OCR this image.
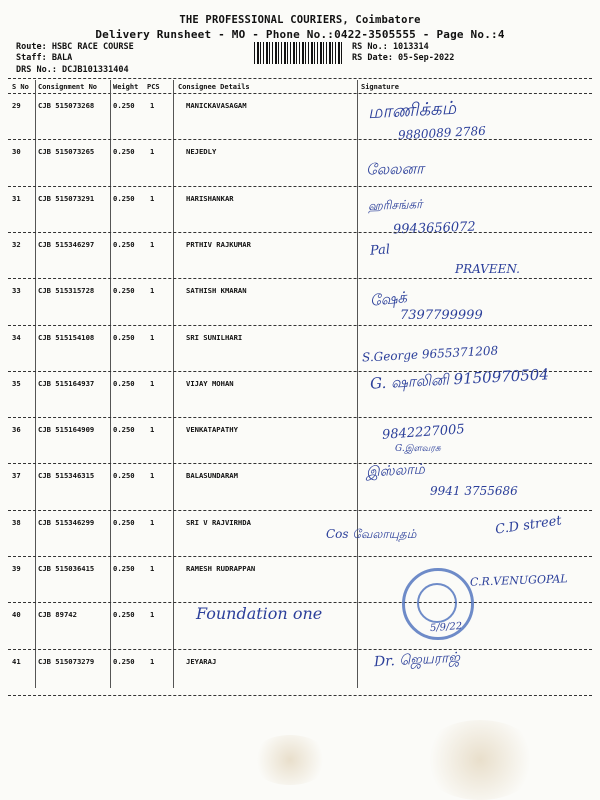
THE PROFESSIONAL COURIERS, Coimbatore
Delivery Runsheet - MO - Phone No.:0422-3505555 - Page No.:4
Route: HSBC RACE COURSE
Staff: BALA
DRS No.: DCJB101331404
RS No.: 1013314
RS Date: 05-Sep-2022
S No Consignment No Weight PCS	Consignee Details	Signature
29 CJB 515073268	0.250 1	MANICKAVASAGAM	மாணிக்கம்
9880089 2786
30 CJB 515073265	0.250 1	NEJEDLY
லேலனா
31 CJB 515073291	0.250 1	HARISHANKAR	ஹரிசங்கர்
9943656072
32 CJB 515346297	0.250 1	PRTHIV RAJKUMAR	Pal
PRAVEEN.
33 CJB 515315728	0.250 1	SATHISH KMARAN	ஷேக்
7397799999
34 CJB 515154108	0.250 1	SRI SUNILHARI
S.George 9655371208
35 CJB 515164937	0.250 1	VIJAY MOHAN	G. ஷாலினி 9150970504
36 CJB 515164909	0.250 1	VENKATAPATHY	9842227005
G.இளவரசு
37 CJB 515346315	0.250 1	BALASUNDARAM	இஸ்லாம்
9941 3755686
38 CJB 515346299	0.250 1	SRI V RAJVIRHDA
Cos வேலாயுதம்	C.D street
39 CJB 515036415	0.250 1	RAMESH RUDRAPPAN
C.R.VENUGOPAL
40 CJB 89742	0.250 1	Foundation one
5/9/22
41 CJB 515073279	0.250 1	JEYARAJ	Dr. ஜெயராஜ்
